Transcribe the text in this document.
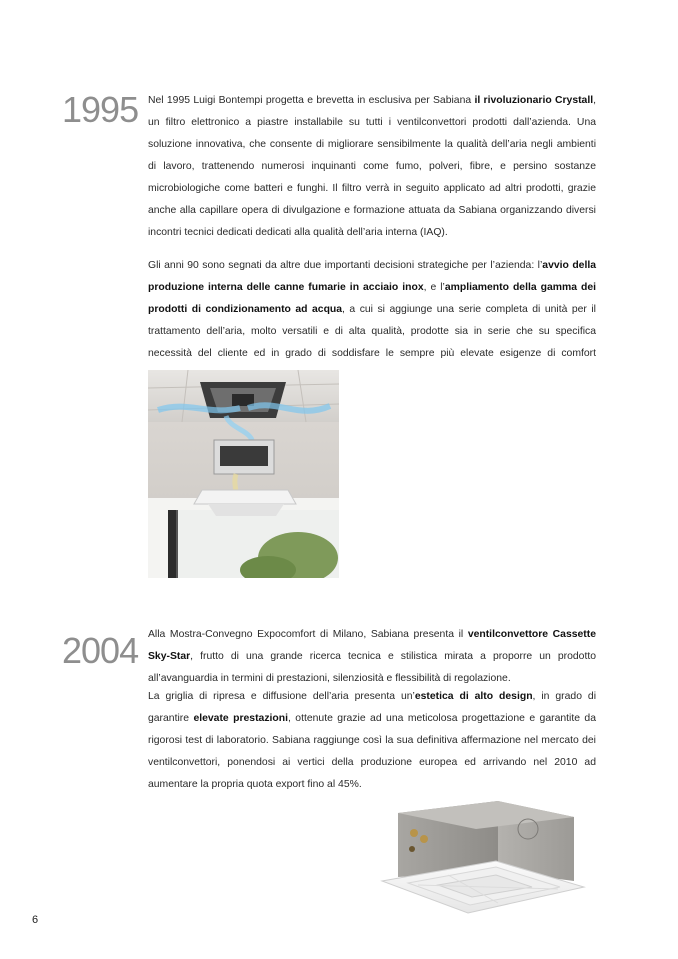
1995 Nel 1995 Luigi Bontempi progetta e brevetta in esclusiva per Sabiana il rivoluzionario Crystall, un filtro elettronico a piastre installabile su tutti i ventilconvettori prodotti dall’azienda. Una soluzione innovativa, che consente di migliorare sensibilmente la qualità dell’aria negli ambienti di lavoro, trattenendo numerosi inquinanti come fumo, polveri, fibre, e persino sostanze microbiologiche come batteri e funghi. Il filtro verrà in seguito applicato ad altri prodotti, grazie anche alla capillare opera di divulgazione e formazione attuata da Sabiana organizzando diversi incontri tecnici dedicati dedicati alla qualità dell’aria interna (IAQ).

Gli anni 90 sono segnati da altre due importanti decisioni strategiche per l’azienda: l’avvio della produzione interna delle canne fumarie in acciaio inox, e l’ampliamento della gamma dei prodotti di condizionamento ad acqua, a cui si aggiunge una serie completa di unità per il trattamento dell’aria, molto versatili e di alta qualità, prodotte sia in serie che su specifica necessità del cliente ed in grado di soddisfare le sempre più elevate esigenze di comfort

2004 Alla Mostra-Convegno Expocomfort di Milano, Sabiana presenta il ventilconvettore Cassette Sky-Star, frutto di una grande ricerca tecnica e stilistica mirata a proporre un prodotto all’avanguardia in termini di prestazioni, silenziosità e flessibilità di regolazione.

La griglia di ripresa e diffusione dell’aria presenta un’estetica di alto design, in grado di garantire elevate prestazioni, ottenute grazie ad una meticolosa progettazione e garantite da rigorosi test di laboratorio. Sabiana raggiunge così la sua definitiva affermazione nel mercato dei ventilconvettori, ponendosi ai vertici della produzione europea ed arrivando nel 2010 ad aumentare la propria quota export fino al 45%.

6
